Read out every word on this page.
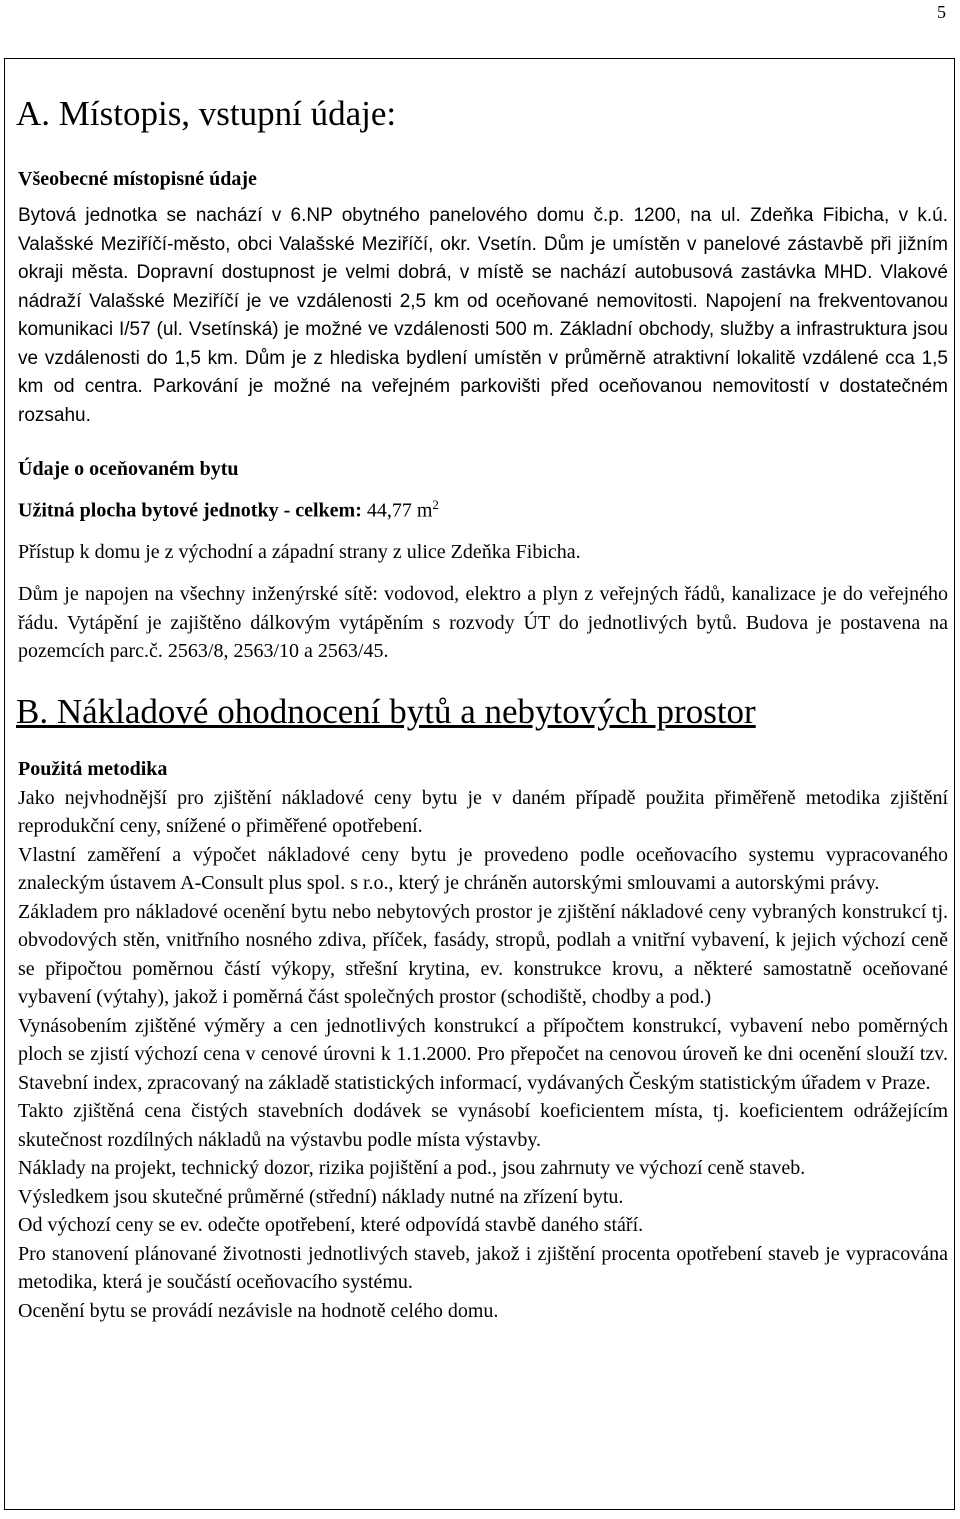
5
A. Místopis, vstupní údaje:
Všeobecné místopisné údaje

Bytová jednotka se nachází v 6.NP obytného panelového domu č.p. 1200, na ul. Zdeňka Fibicha, v k.ú. Valašské Meziříčí-město, obci Valašské Meziříčí, okr. Vsetín. Dům je umístěn v panelové zástavbě při jižním okraji města. Dopravní dostupnost je velmi dobrá, v místě se nachází autobusová zastávka MHD. Vlakové nádraží Valašské Meziříčí je ve vzdálenosti 2,5 km od oceňované nemovitosti. Napojení na frekventovanou komunikaci I/57 (ul. Vsetínská) je možné ve vzdálenosti 500 m. Základní obchody, služby a infrastruktura jsou ve vzdálenosti do 1,5 km. Dům je z hlediska bydlení umístěn v průměrně atraktivní lokalitě vzdálené cca 1,5 km od centra. Parkování je možné na veřejném parkovišti před oceňovanou nemovitostí v dostatečném rozsahu.

Údaje o oceňovaném bytu

Užitná plocha bytové jednotky - celkem: 44,77 $m^2$

Přístup k domu je z východní a západní strany z ulice Zdeňka Fibicha.

Dům je napojen na všechny inženýrské sítě: vodovod, elektro a plyn z veřejných řádů, kanalizace je do veřejného řádu. Vytápění je zajištěno dálkovým vytápěním s rozvody ÚT do jednotlivých bytů. Budova je postavena na pozemcích parc.č. 2563/8, 2563/10 a 2563/45.

B. Nákladové ohodnocení bytů a nebytových prostor
Použitá metodika

Jako nejvhodnější pro zjištění nákladové ceny bytu je v daném případě použita přiměřeně metodika zjištění reprodukční ceny, snížené o přiměřené opotřebení.

Vlastní zaměření a výpočet nákladové ceny bytu je provedeno podle oceňovacího systemu vypracovaného znaleckým ústavem A-Consult plus spol. s r.o., který je chráněn autorskými smlouvami a autorskými právy.

Základem pro nákladové ocenění bytu nebo nebytových prostor je zjištění nákladové ceny vybraných konstrukcí tj. obvodových stěn, vnitřního nosného zdiva, příček, fasády, stropů, podlah a vnitřní vybavení, k jejich výchozí ceně se připočtou poměrnou částí výkopy, střešní krytina, ev. konstrukce krovu, a některé samostatně oceňované vybavení (výtahy), jakož i poměrná část společných prostor (schodiště, chodby a pod.)

Vynásobením zjištěné výměry a cen jednotlivých konstrukcí a přípočtem konstrukcí, vybavení nebo poměrných ploch se zjistí výchozí cena v cenové úrovni k 1.1.2000. Pro přepočet na cenovou úroveň ke dni ocenění slouží tzv. Stavební index, zpracovaný na základě statistických informací, vydávaných Českým statistickým úřadem v Praze.

Takto zjištěná cena čistých stavebních dodávek se vynásobí koeficientem místa, tj. koeficientem odrážejícím skutečnost rozdílných nákladů na výstavbu podle místa výstavby.

Náklady na projekt, technický dozor, rizika pojištění a pod., jsou zahrnuty ve výchozí ceně staveb.

Výsledkem jsou skutečné průměrné (střední) náklady nutné na zřízení bytu.

Od výchozí ceny se ev. odečte opotřebení, které odpovídá stavbě daného stáří.

Pro stanovení plánované životnosti jednotlivých staveb, jakož i zjištění procenta opotřebení staveb je vypracována metodika, která je součástí oceňovacího systému.

Ocenění bytu se provádí nezávisle na hodnotě celého domu.
